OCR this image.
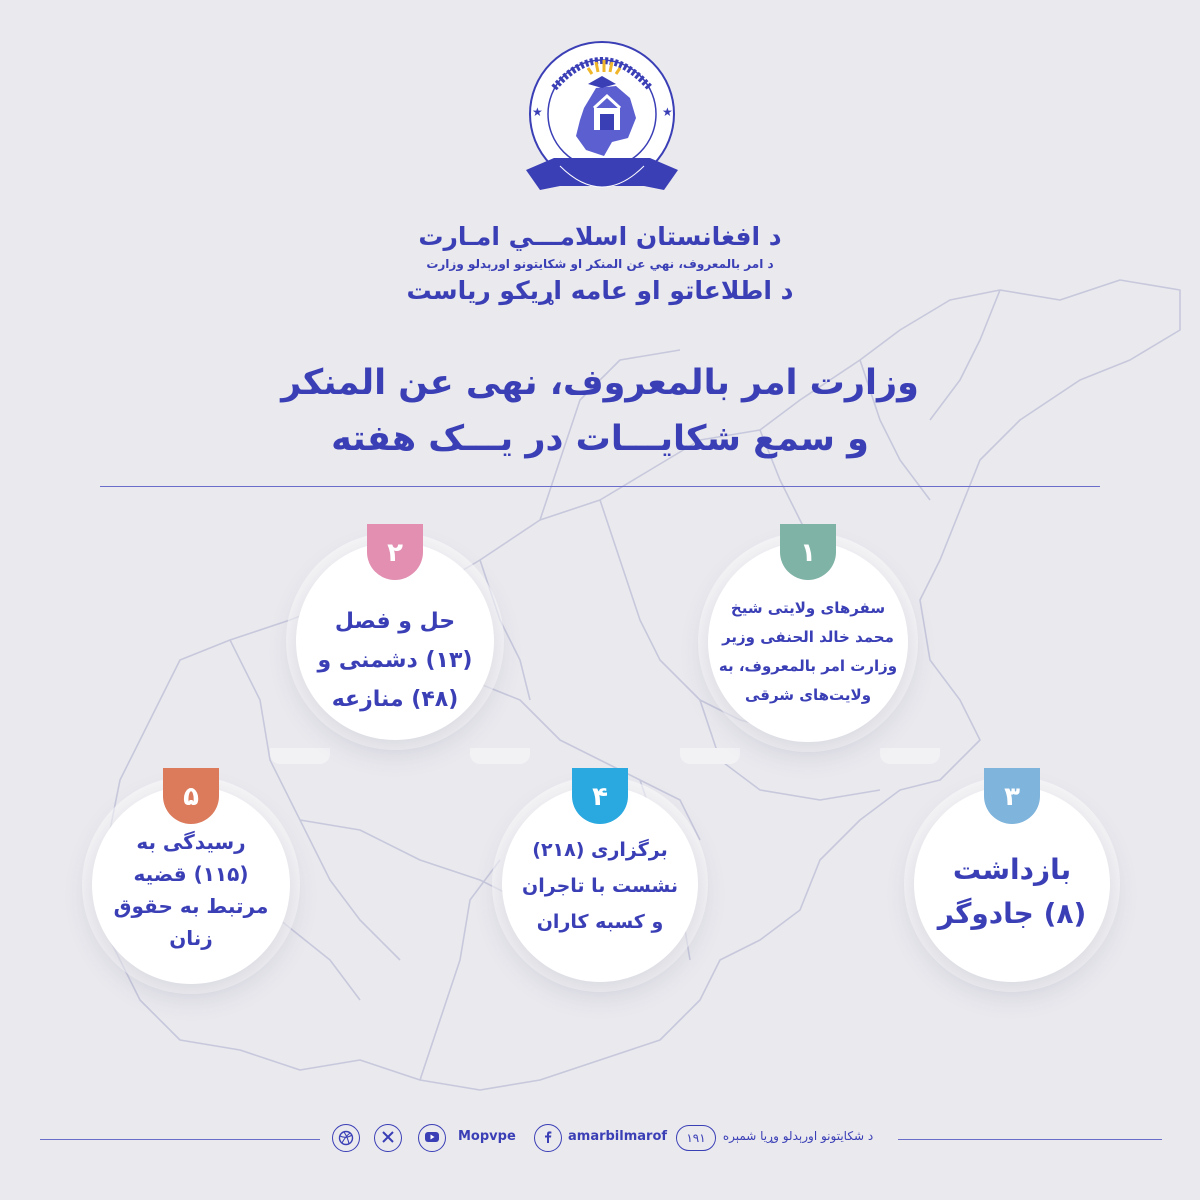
★	★
د افغانستان اسلامـــي امـارت
د امر بالمعروف، نهي عن المنكر او شکايتونو اورېدلو وزارت
د اطلاعاتو او عامه اړیکو ریاست
وزارت امر بالمعروف، نهی عن المنکر
و سمع شکایـــات در یـــک هفته
۱
سفرهای ولایتی شیخ محمد خالد الحنفی وزیر وزارت امر بالمعروف، به ولایت‌های شرقی
۲
حل و فصل (۱۳) دشمنی و (۴۸) منازعه
۳
بازداشت (۸) جادوگر
۴
برگزاری (۲۱۸) نشست با تاجران و کسبه کاران
۵
رسیدگی به (۱۱۵) قضیه مرتبط به حقوق زنان
Mopvpe	amarbilmarof	۱۹۱	د شکایتونو اورېدلو وړیا شمېره
